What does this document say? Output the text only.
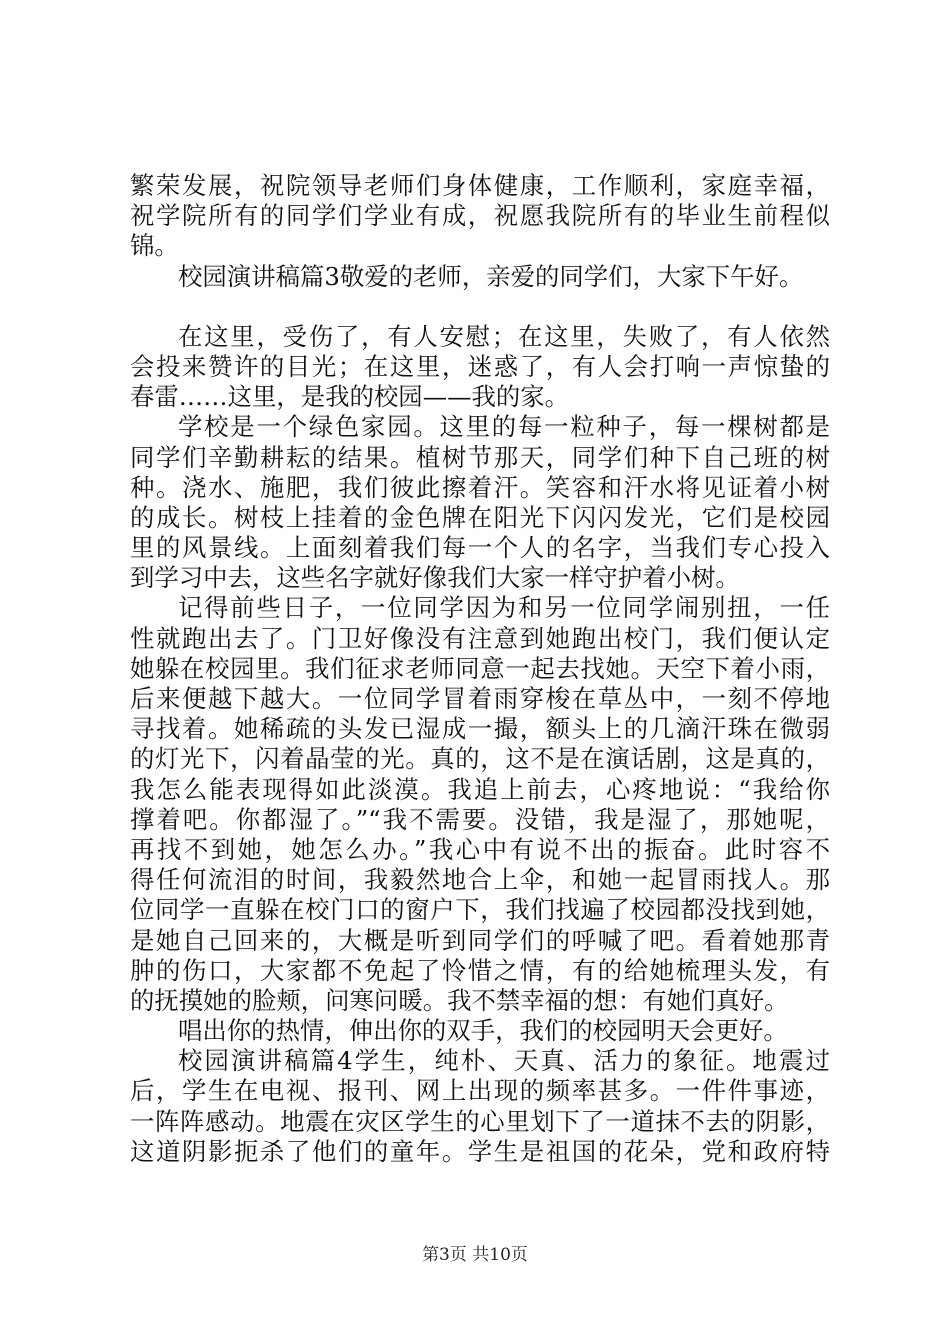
繁荣发展，祝院领导老师们身体健康，工作顺利，家庭幸福，
祝学院所有的同学们学业有成，祝愿我院所有的毕业生前程似
锦。
校园演讲稿篇3敬爱的老师，亲爱的同学们，大家下午好。
在这里，受伤了，有人安慰；在这里，失败了，有人依然
会投来赞许的目光；在这里，迷惑了，有人会打响一声惊蛰的
春雷……这里，是我的校园——我的家。
学校是一个绿色家园。这里的每一粒种子，每一棵树都是
同学们辛勤耕耘的结果。植树节那天，同学们种下自己班的树
种。浇水、施肥，我们彼此擦着汗。笑容和汗水将见证着小树
的成长。树枝上挂着的金色牌在阳光下闪闪发光，它们是校园
里的风景线。上面刻着我们每一个人的名字，当我们专心投入
到学习中去，这些名字就好像我们大家一样守护着小树。
记得前些日子，一位同学因为和另一位同学闹别扭，一任
性就跑出去了。门卫好像没有注意到她跑出校门，我们便认定
她躲在校园里。我们征求老师同意一起去找她。天空下着小雨，
后来便越下越大。一位同学冒着雨穿梭在草丛中，一刻不停地
寻找着。她稀疏的头发已湿成一撮，额头上的几滴汗珠在微弱
的灯光下，闪着晶莹的光。真的，这不是在演话剧，这是真的，
我怎么能表现得如此淡漠。我追上前去，心疼地说：“我给你
撑着吧。你都湿了。”“我不需要。没错，我是湿了，那她呢，
再找不到她，她怎么办。”我心中有说不出的振奋。此时容不
得任何流泪的时间，我毅然地合上伞，和她一起冒雨找人。那
位同学一直躲在校门口的窗户下，我们找遍了校园都没找到她，
是她自己回来的，大概是听到同学们的呼喊了吧。看着她那青
肿的伤口，大家都不免起了怜惜之情，有的给她梳理头发，有
的抚摸她的脸颊，问寒问暖。我不禁幸福的想：有她们真好。
唱出你的热情，伸出你的双手，我们的校园明天会更好。
校园演讲稿篇4学生，纯朴、天真、活力的象征。地震过
后，学生在电视、报刊、网上出现的频率甚多。一件件事迹，
一阵阵感动。地震在灾区学生的心里划下了一道抹不去的阴影，
这道阴影扼杀了他们的童年。学生是祖国的花朵，党和政府特
第3页 共10页
